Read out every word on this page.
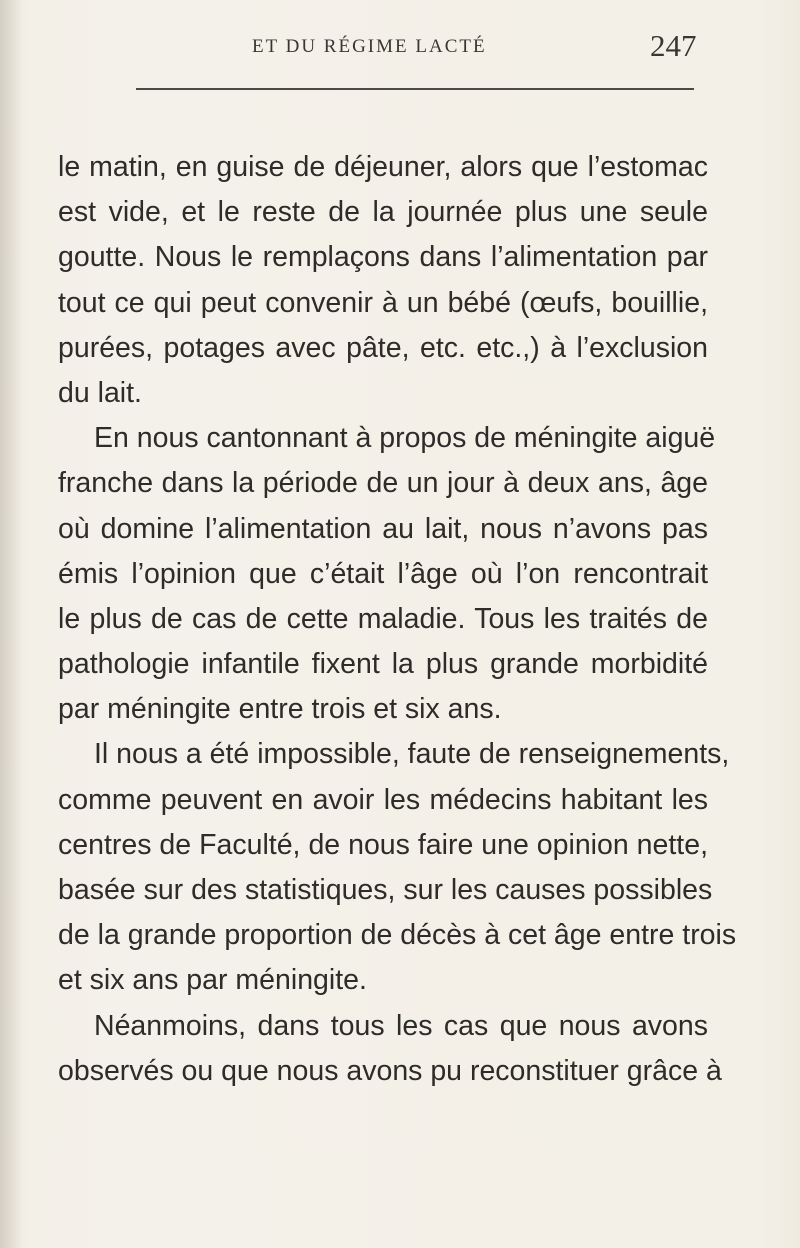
ET DU RÉGIME LACTÉ	247
le matin, en guise de déjeuner, alors que l’estomac
est vide, et le reste de la journée plus une seule
goutte. Nous le remplaçons dans l’alimentation par
tout ce qui peut convenir à un bébé (œufs, bouillie,
purées, potages avec pâte, etc. etc.,) à l’exclusion
du lait.
En nous cantonnant à propos de méningite aiguë
franche dans la période de un jour à deux ans, âge
où domine l’alimentation au lait, nous n’avons pas
émis l’opinion que c’était l’âge où l’on rencontrait
le plus de cas de cette maladie. Tous les traités de
pathologie infantile fixent la plus grande morbidité
par méningite entre trois et six ans.
Il nous a été impossible, faute de renseignements,
comme peuvent en avoir les médecins habitant les
centres de Faculté, de nous faire une opinion nette,
basée sur des statistiques, sur les causes possibles
de la grande proportion de décès à cet âge entre trois
et six ans par méningite.
Néanmoins, dans tous les cas que nous avons
observés ou que nous avons pu reconstituer grâce à
